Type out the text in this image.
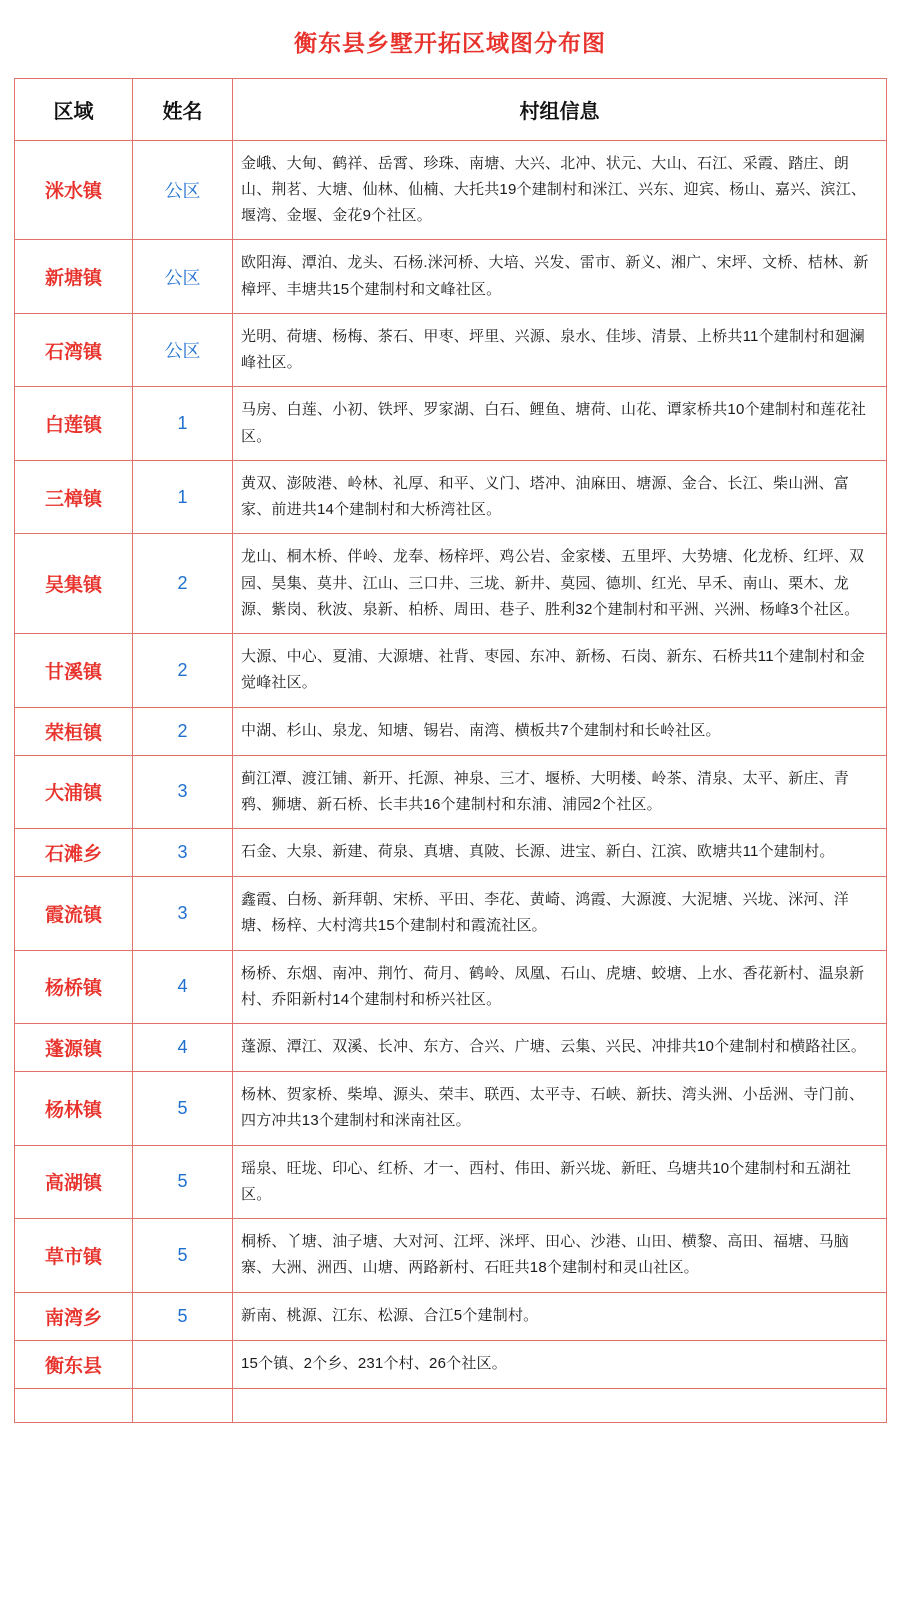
衡东县乡墅开拓区域图分布图
区域	姓名	村组信息
洣水镇	公区	金峨、大甸、鹤祥、岳霄、珍珠、南塘、大兴、北冲、状元、大山、石江、采霞、踏庄、朗山、荆茗、大塘、仙林、仙楠、大托共19个建制村和洣江、兴东、迎宾、杨山、嘉兴、滨江、堰湾、金堰、金花9个社区。
新塘镇	公区	欧阳海、潭泊、龙头、石杨.洣河桥、大培、兴发、雷市、新义、湘广、宋坪、文桥、桔林、新樟坪、丰塘共15个建制村和文峰社区。
石湾镇	公区	光明、荷塘、杨梅、茶石、甲枣、坪里、兴源、泉水、佳埗、清景、上桥共11个建制村和廻澜峰社区。
白莲镇	1	马房、白莲、小初、铁坪、罗家湖、白石、鲤鱼、塘荷、山花、谭家桥共10个建制村和莲花社区。
三樟镇	1	黄双、澎陂港、岭林、礼厚、和平、义门、塔冲、油麻田、塘源、金合、长江、柴山洲、富家、前进共14个建制村和大桥湾社区。
吴集镇	2	龙山、桐木桥、伴岭、龙奉、杨梓坪、鸡公岩、金家楼、五里坪、大势塘、化龙桥、红坪、双园、昊集、莫井、江山、三口井、三垅、新井、莫园、德圳、红光、早禾、南山、栗木、龙源、紫岗、秋波、泉新、柏桥、周田、巷子、胜利32个建制村和平洲、兴洲、杨峰3个社区。
甘溪镇	2	大源、中心、夏浦、大源塘、社背、枣园、东冲、新杨、石岗、新东、石桥共11个建制村和金觉峰社区。
荣桓镇	2	中湖、杉山、泉龙、知塘、锡岩、南湾、横板共7个建制村和长岭社区。
大浦镇	3	蓟江潭、渡江铺、新开、托源、神泉、三才、堰桥、大明楼、岭茶、清泉、太平、新庄、青鸦、狮塘、新石桥、长丰共16个建制村和东浦、浦园2个社区。
石滩乡	3	石金、大泉、新建、荷泉、真塘、真陂、长源、进宝、新白、江滨、欧塘共11个建制村。
霞流镇	3	鑫霞、白杨、新拜朝、宋桥、平田、李花、黄崎、鸿霞、大源渡、大泥塘、兴垅、洣河、洋塘、杨梓、大村湾共15个建制村和霞流社区。
杨桥镇	4	杨桥、东烟、南冲、荆竹、荷月、鹤岭、凤凰、石山、虎塘、蛟塘、上水、香花新村、温泉新村、乔阳新村14个建制村和桥兴社区。
蓬源镇	4	蓬源、潭江、双溪、长冲、东方、合兴、广塘、云集、兴民、冲排共10个建制村和横路社区。
杨林镇	5	杨林、贺家桥、柴埠、源头、荣丰、联西、太平寺、石峡、新扶、湾头洲、小岳洲、寺门前、四方冲共13个建制村和洣南社区。
高湖镇	5	瑶泉、旺垅、印心、红桥、才一、西村、伟田、新兴垅、新旺、乌塘共10个建制村和五湖社区。
草市镇	5	桐桥、丫塘、油子塘、大对河、江坪、洣坪、田心、沙港、山田、横黎、高田、福塘、马脑寨、大洲、洲西、山塘、两路新村、石旺共18个建制村和灵山社区。
南湾乡	5	新南、桃源、江东、松源、合江5个建制村。
衡东县		15个镇、2个乡、231个村、26个社区。
